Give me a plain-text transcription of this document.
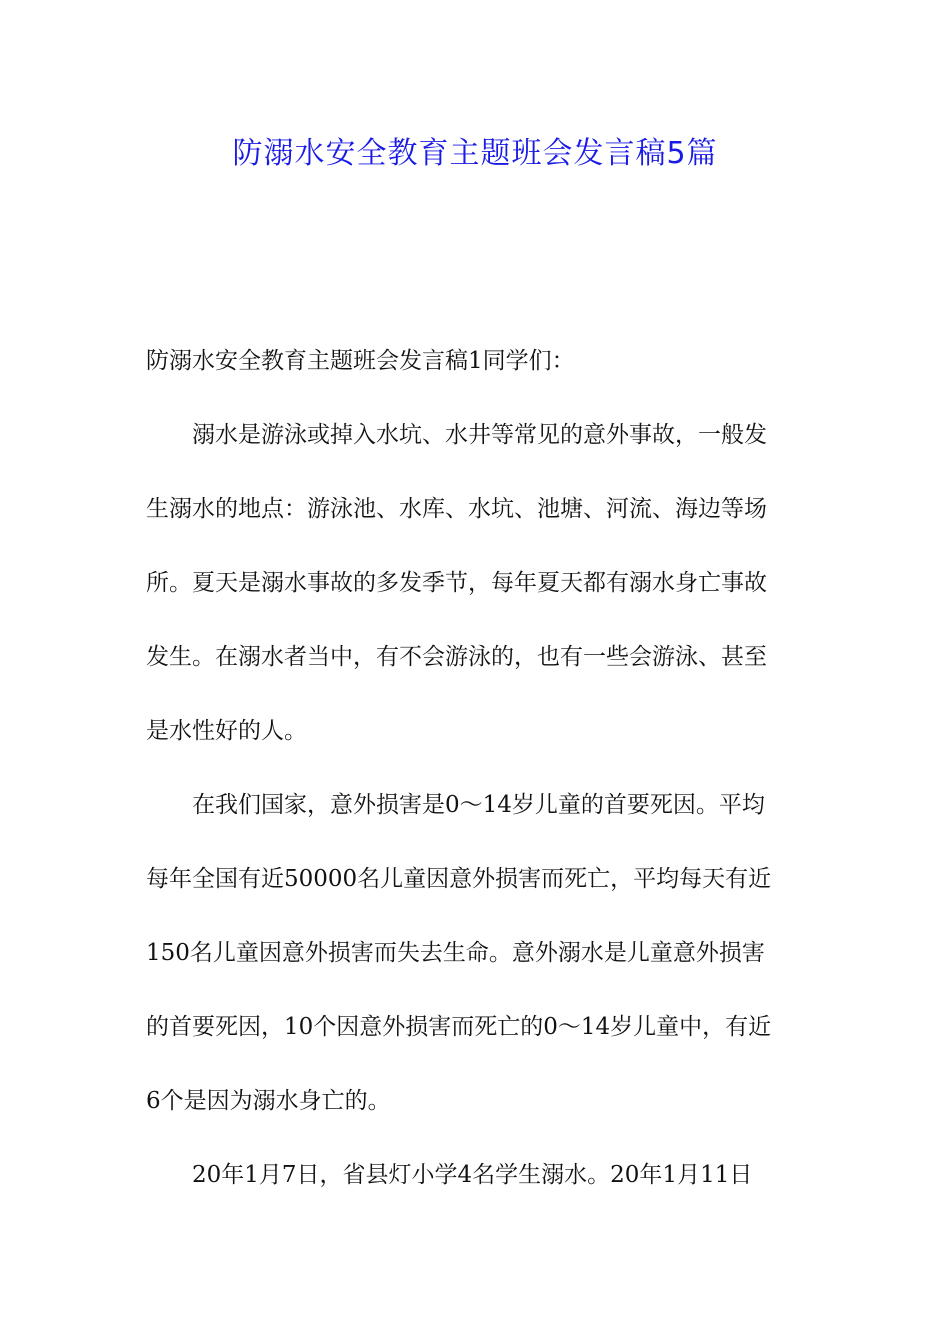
防溺水安全教育主题班会发言稿5篇
防溺水安全教育主题班会发言稿1同学们：
溺水是游泳或掉入水坑、水井等常见的意外事故，一般发
生溺水的地点：游泳池、水库、水坑、池塘、河流、海边等场
所。夏天是溺水事故的多发季节，每年夏天都有溺水身亡事故
发生。在溺水者当中，有不会游泳的，也有一些会游泳、甚至
是水性好的人。
在我们国家，意外损害是0～14岁儿童的首要死因。平均
每年全国有近50000名儿童因意外损害而死亡，平均每天有近
150名儿童因意外损害而失去生命。意外溺水是儿童意外损害
的首要死因，10个因意外损害而死亡的0～14岁儿童中，有近
6个是因为溺水身亡的。
20年1月7日，省县灯小学4名学生溺水。20年1月11日
